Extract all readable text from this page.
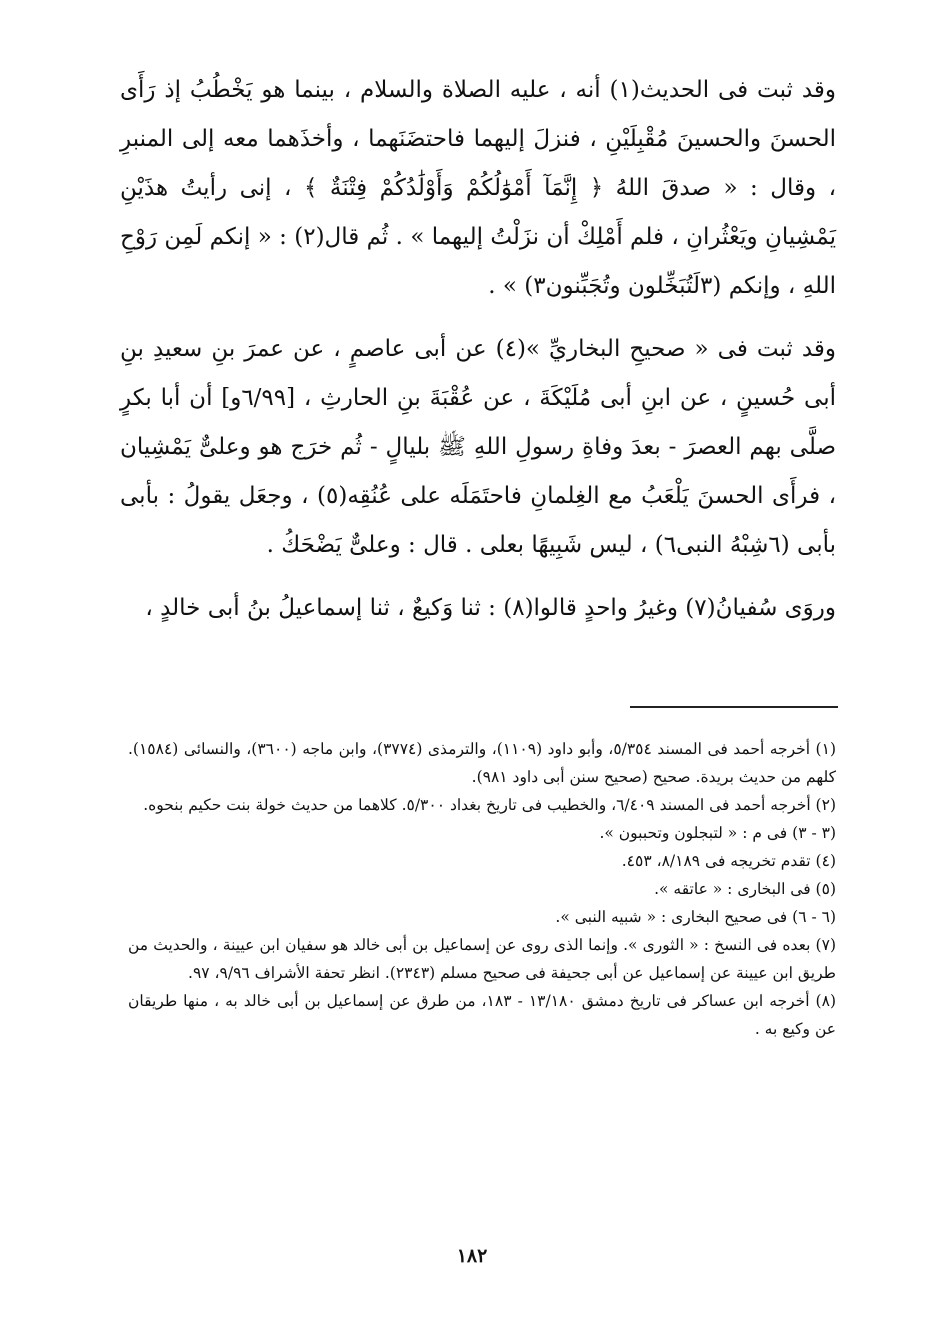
وقد ثبت فى الحديث(١) أنه ، عليه الصلاة والسلام ، بينما هو يَخْطُبُ إذ رَأَى الحسنَ والحسينَ مُقْبِلَيْنِ ، فنزلَ إليهما فاحتضَنَهما ، وأخذَهما معه إلى المنبرِ ، وقال : « صدقَ اللهُ ﴿ إِنَّمَآ أَمْوَٰلُكُمْ وَأَوْلَٰدُكُمْ فِتْنَةٌ ﴾ ، إنى رأيتُ هذَيْنِ يَمْشِيانِ ويَعْثُرانِ ، فلم أَمْلِكْ أن نزَلْتُ إليهما » . ثُم قال(٢) : « إنكم لَمِن رَوْحِ اللهِ ، وإنكم (٣لَتُبَخِّلون وتُجَبِّنون٣) » .

وقد ثبت فى « صحيحِ البخاريِّ »(٤) عن أبى عاصمٍ ، عن عمرَ بنِ سعيدِ بنِ أبى حُسينٍ ، عن ابنِ أبى مُلَيْكَةَ ، عن عُقْبَةَ بنِ الحارثِ ، [٦/٩٩و] أن أبا بكرٍ صلَّى بهم العصرَ - بعدَ وفاةِ رسولِ اللهِ ﷺ بليالٍ - ثُم خرَج هو وعلىٌّ يَمْشِيان ، فرأَى الحسنَ يَلْعَبُ مع الغِلمانِ فاحتَمَلَه على عُنُقِه(٥) ، وجعَل يقولُ : بأبى بأبى (٦شِبْهُ النبى٦) ، ليس شَبِيهًا بعلى . قال : وعلىٌّ يَضْحَكُ .

وروَى سُفيانُ(٧) وغيرُ واحدٍ قالوا(٨) : ثنا وَكيعٌ ، ثنا إسماعيلُ بنُ أبى خالدٍ ،

(١) أخرجه أحمد فى المسند ٥/٣٥٤، وأبو داود (١١٠٩)، والترمذى (٣٧٧٤)، وابن ماجه (٣٦٠٠)، والنسائى (١٥٨٤). كلهم من حديث بريدة. صحيح (صحيح سنن أبى داود ٩٨١).

(٢) أخرجه أحمد فى المسند ٦/٤٠٩، والخطيب فى تاريخ بغداد ٥/٣٠٠. كلاهما من حديث خولة بنت حكيم بنحوه.

(٣ - ٣) فى م : « لتبجلون وتحببون ».

(٤) تقدم تخريجه فى ٨/١٨٩، ٤٥٣.

(٥) فى البخارى : « عاتقه ».

(٦ - ٦) فى صحيح البخارى : « شبيه النبى ».

(٧) بعده فى النسخ : « الثورى ». وإنما الذى روى عن إسماعيل بن أبى خالد هو سفيان ابن عيينة ، والحديث من طريق ابن عيينة عن إسماعيل عن أبى جحيفة فى صحيح مسلم (٢٣٤٣). انظر تحفة الأشراف ٩/٩٦، ٩٧.

(٨) أخرجه ابن عساكر فى تاريخ دمشق ١٣/١٨٠ - ١٨٣، من طرق عن إسماعيل بن أبى خالد به ، منها طريقان عن وكيع به .

١٨٢
